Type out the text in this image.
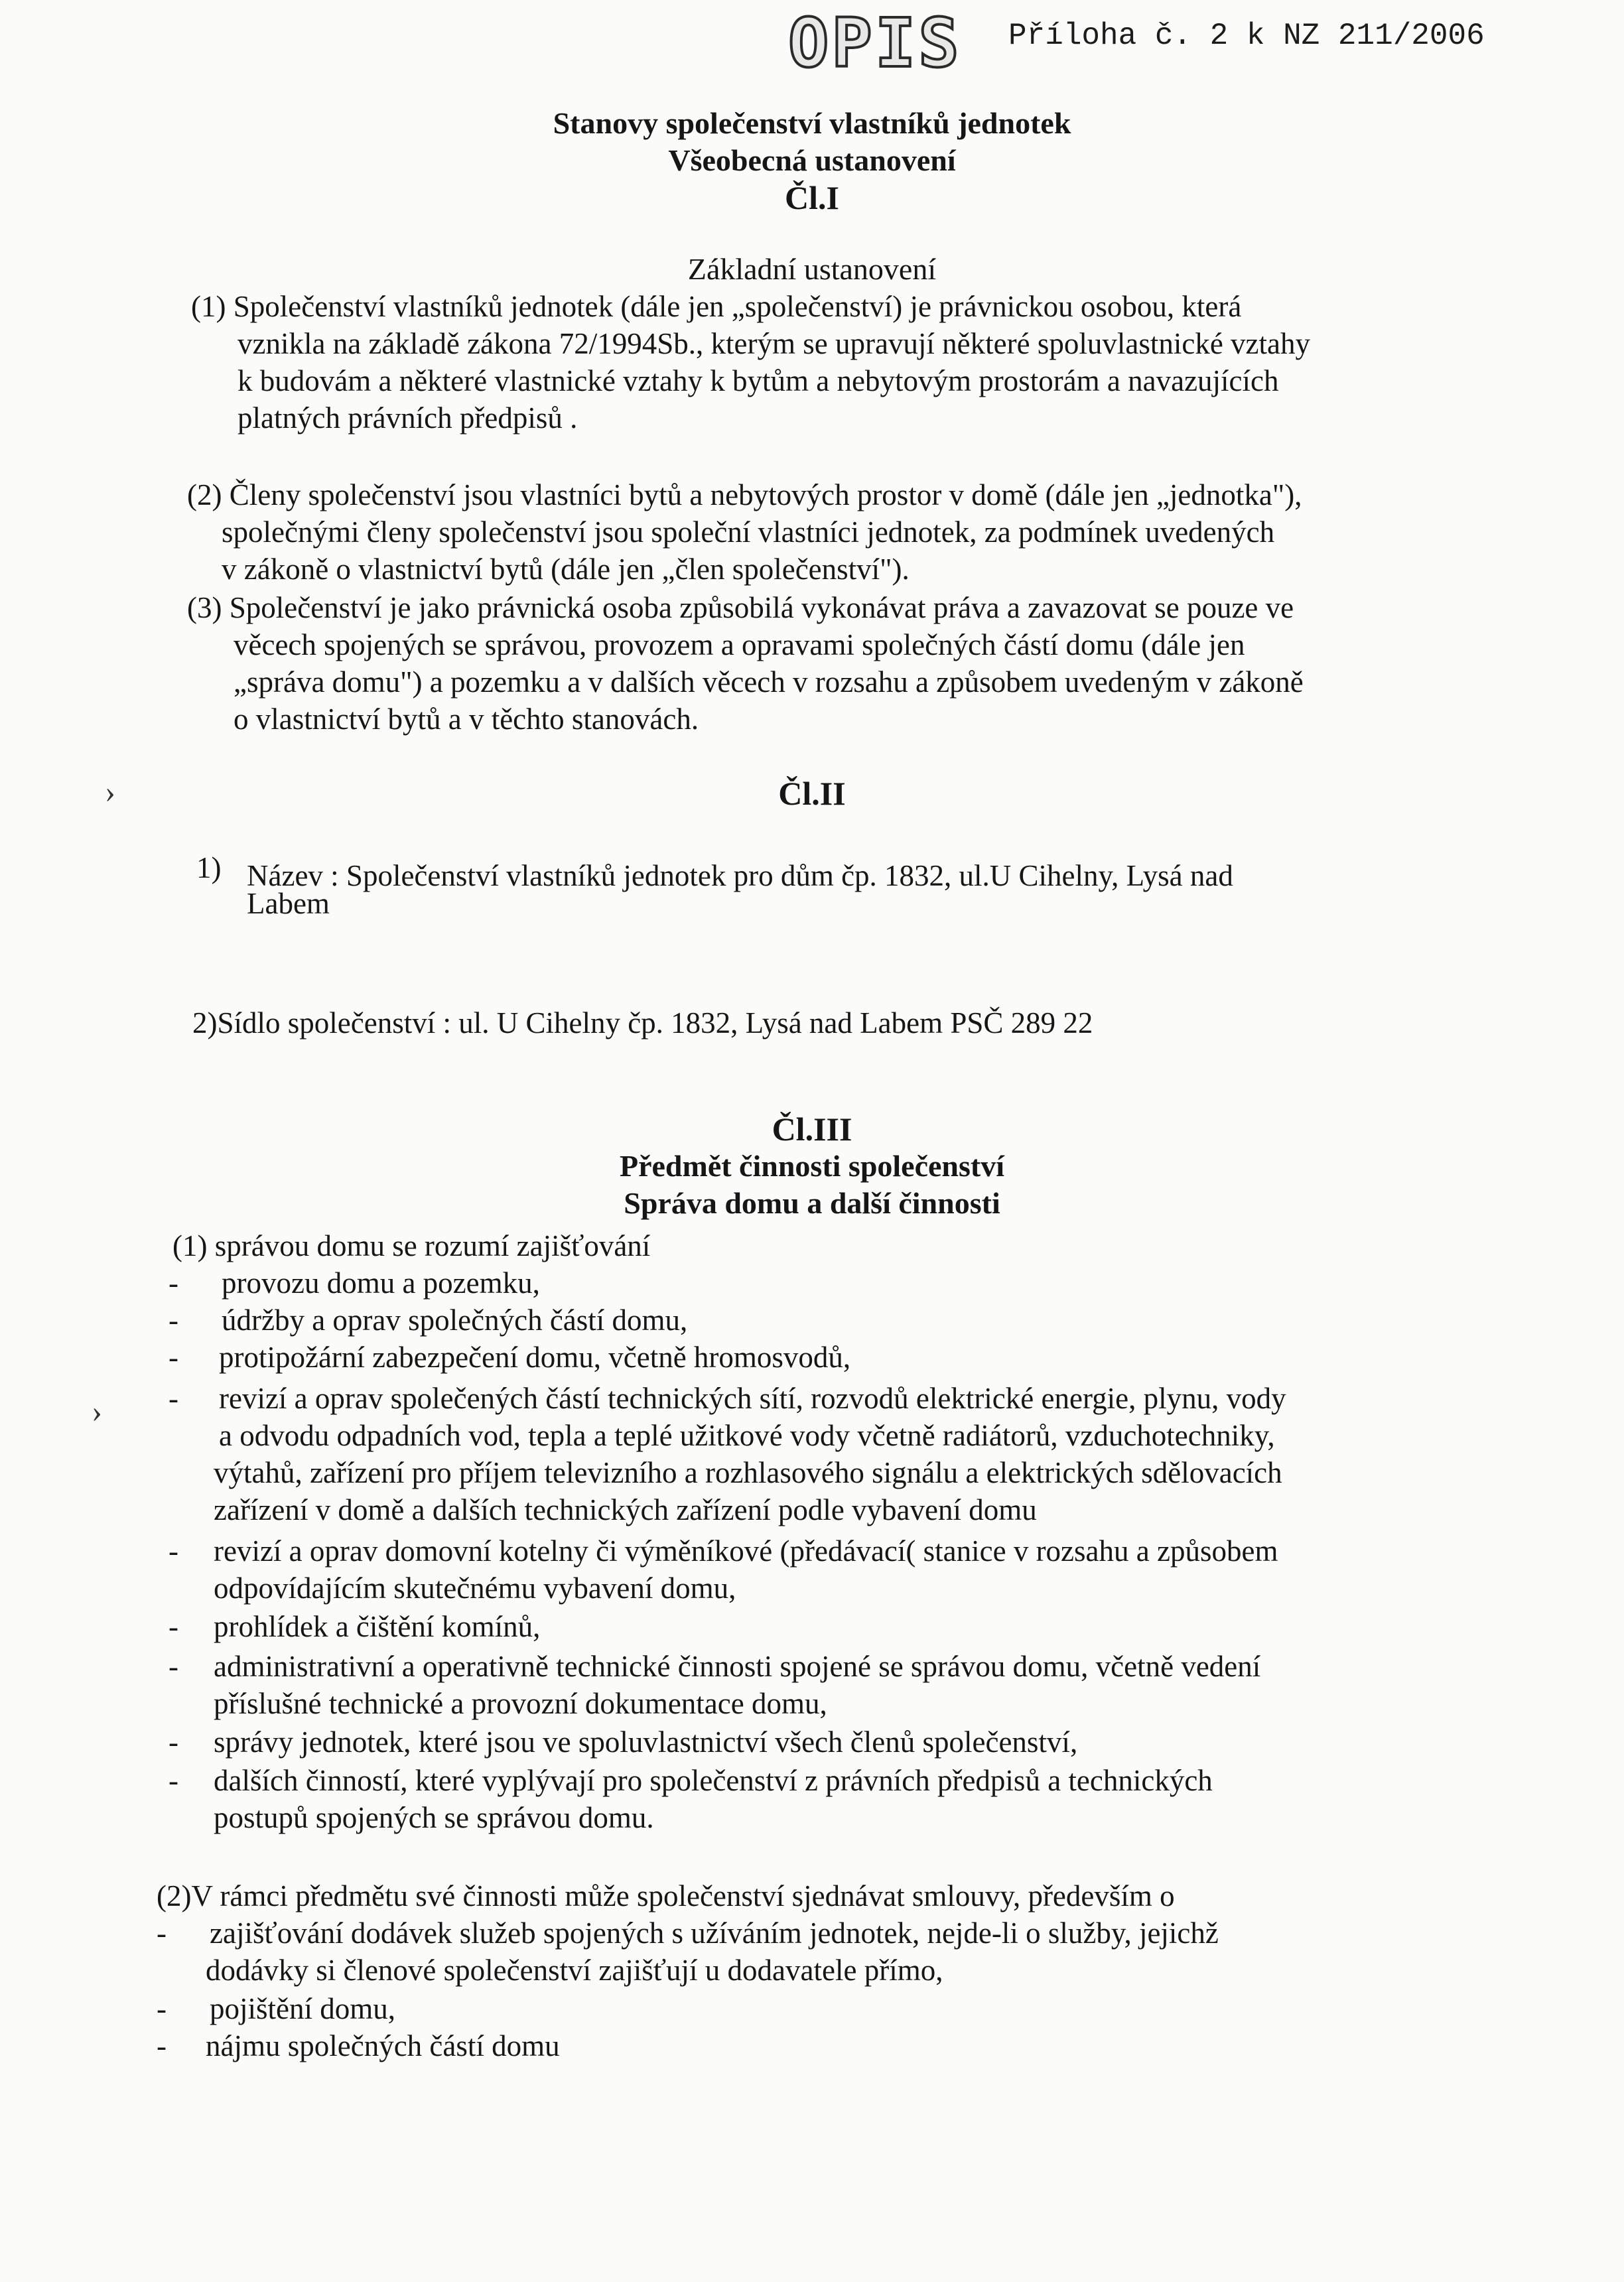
OPIS Příloha č. 2 k NZ 211/2006
Stanovy společenství vlastníků jednotek
Všeobecná ustanovení
Čl.I
Základní ustanovení
(1) Společenství vlastníků jednotek (dále jen „společenství) je právnickou osobou, která
vznikla na základě zákona 72/1994Sb., kterým se upravují některé spoluvlastnické vztahy
k budovám a některé vlastnické vztahy k bytům a nebytovým prostorám a navazujících
platných právních předpisů .
(2) Členy společenství jsou vlastníci bytů a nebytových prostor v domě (dále jen „jednotka"),
společnými členy společenství jsou společní vlastníci jednotek, za podmínek uvedených
v zákoně o vlastnictví bytů (dále jen „člen společenství").
(3) Společenství je jako právnická osoba způsobilá vykonávat práva a zavazovat se pouze ve
věcech spojených se správou, provozem a opravami společných částí domu (dále jen
„správa domu") a pozemku a v dalších věcech v rozsahu a způsobem uvedeným v zákoně
o vlastnictví bytů a v těchto stanovách.
Čl.II
1) Název : Společenství vlastníků jednotek pro dům čp. 1832, ul.U Cihelny, Lysá nad
Labem
2)Sídlo společenství : ul. U Cihelny čp. 1832, Lysá nad Labem PSČ 289 22
Čl.III
Předmět činnosti společenství
Správa domu a další činnosti
(1) správou domu se rozumí zajišťování
- provozu domu a pozemku,
- údržby a oprav společných částí domu,
- protipožární zabezpečení domu, včetně hromosvodů,
- revizí a oprav společených částí technických sítí, rozvodů elektrické energie, plynu, vody
a odvodu odpadních vod, tepla a teplé užitkové vody včetně radiátorů, vzduchotechniky,
výtahů, zařízení pro příjem televizního a rozhlasového signálu a elektrických sdělovacích
zařízení v domě a dalších technických zařízení podle vybavení domu
- revizí a oprav domovní kotelny či výměníkové (předávací( stanice v rozsahu a způsobem
odpovídajícím skutečnému vybavení domu,
- prohlídek a čištění komínů,
- administrativní a operativně technické činnosti spojené se správou domu, včetně vedení
příslušné technické a provozní dokumentace domu,
- správy jednotek, které jsou ve spoluvlastnictví všech členů společenství,
- dalších činností, které vyplývají pro společenství z právních předpisů a technických
postupů spojených se správou domu.
(2)V rámci předmětu své činnosti může společenství sjednávat smlouvy, především o
- zajišťování dodávek služeb spojených s užíváním jednotek, nejde-li o služby, jejichž
dodávky si členové společenství zajišťují u dodavatele přímo,
- pojištění domu,
- nájmu společných částí domu
›
›
